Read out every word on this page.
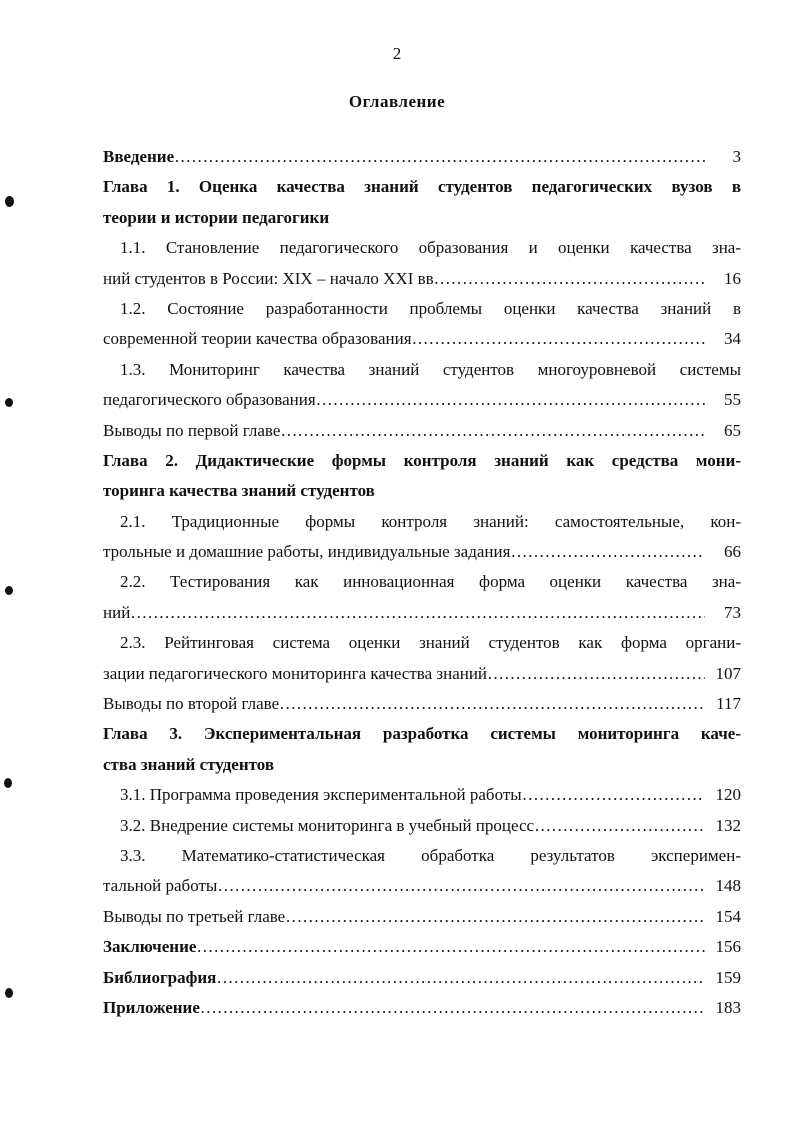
2
Оглавление
Введение …………………………………………………………………………………………………………………………………………………………	3
Глава 1. Оценка качества знаний студентов педагогических вузов в
теории и истории педагогики
1.1. Становление педагогического образования и оценки качества зна-
ний студентов в России: XIX – начало XXI вв …………………………………………………………………………………………………………………………………………………………	16
1.2. Состояние разработанности проблемы оценки качества знаний в
современной теории качества образования …………………………………………………………………………………………………………………………………………………………	34
1.3. Мониторинг качества знаний студентов многоуровневой системы
педагогического образования …………………………………………………………………………………………………………………………………………………………	55
Выводы по первой главе …………………………………………………………………………………………………………………………………………………………	65
Глава 2. Дидактические формы контроля знаний как средства мони-
торинга качества знаний студентов
2.1. Традиционные формы контроля знаний: самостоятельные, кон-
трольные и домашние работы, индивидуальные задания …………………………………………………………………………………………………………………………………………………………	66
2.2. Тестирования как инновационная форма оценки качества зна-
ний …………………………………………………………………………………………………………………………………………………………	73
2.3. Рейтинговая система оценки знаний студентов как форма органи-
зации педагогического мониторинга качества знаний …………………………………………………………………………………………………………………………………………………………	107
Выводы по второй главе …………………………………………………………………………………………………………………………………………………………	117
Глава 3. Экспериментальная разработка системы мониторинга каче-
ства знаний студентов
3.1. Программа проведения экспериментальной работы …………………………………………………………………………………………………………………………………………………………	120
3.2. Внедрение системы мониторинга в учебный процесс …………………………………………………………………………………………………………………………………………………………	132
3.3. Математико-статистическая обработка результатов эксперимен-
тальной работы …………………………………………………………………………………………………………………………………………………………	148
Выводы по третьей главе …………………………………………………………………………………………………………………………………………………………	154
Заключение …………………………………………………………………………………………………………………………………………………………	156
Библиография …………………………………………………………………………………………………………………………………………………………	159
Приложение …………………………………………………………………………………………………………………………………………………………	183
